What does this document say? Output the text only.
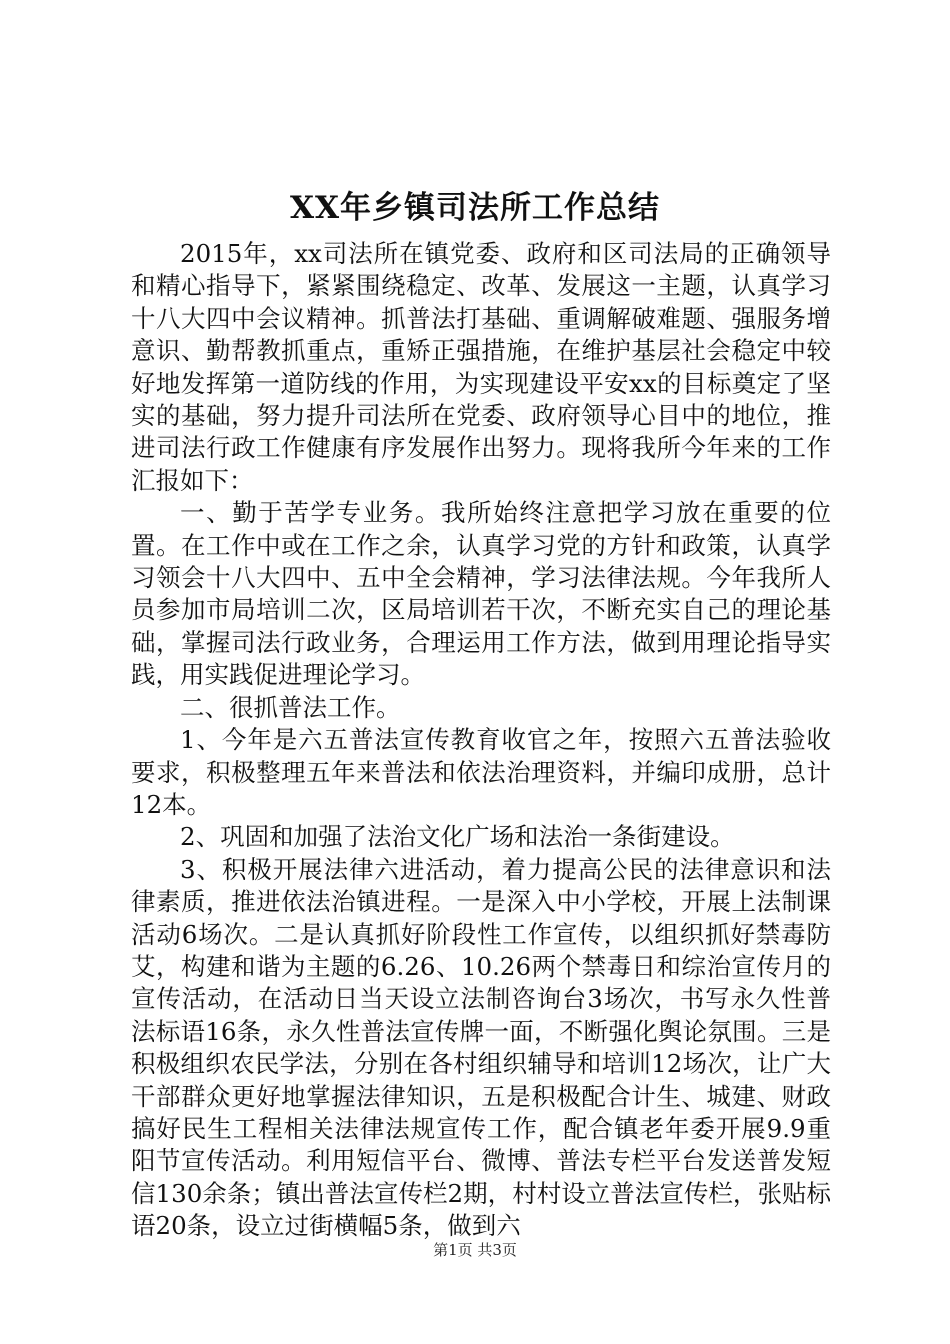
XX年乡镇司法所工作总结

2015年，xx司法所在镇党委、政府和区司法局的正确领导和精心指导下，紧紧围绕稳定、改革、发展这一主题，认真学习十八大四中会议精神。抓普法打基础、重调解破难题、强服务增意识、勤帮教抓重点，重矫正强措施，在维护基层社会稳定中较好地发挥第一道防线的作用，为实现建设平安xx的目标奠定了坚实的基础，努力提升司法所在党委、政府领导心目中的地位，推进司法行政工作健康有序发展作出努力。现将我所今年来的工作汇报如下：

一、勤于苦学专业务。我所始终注意把学习放在重要的位置。在工作中或在工作之余，认真学习党的方针和政策，认真学习领会十八大四中、五中全会精神，学习法律法规。今年我所人员参加市局培训二次，区局培训若干次，不断充实自己的理论基础，掌握司法行政业务，合理运用工作方法，做到用理论指导实践，用实践促进理论学习。

二、很抓普法工作。

1、今年是六五普法宣传教育收官之年，按照六五普法验收要求，积极整理五年来普法和依法治理资料，并编印成册，总计12本。

2、巩固和加强了法治文化广场和法治一条街建设。

3、积极开展法律六进活动，着力提高公民的法律意识和法律素质，推进依法治镇进程。一是深入中小学校，开展上法制课活动6场次。二是认真抓好阶段性工作宣传，以组织抓好禁毒防艾，构建和谐为主题的6.26、10.26两个禁毒日和综治宣传月的宣传活动，在活动日当天设立法制咨询台3场次，书写永久性普法标语16条，永久性普法宣传牌一面，不断强化舆论氛围。三是积极组织农民学法，分别在各村组织辅导和培训12场次，让广大干部群众更好地掌握法律知识，五是积极配合计生、城建、财政搞好民生工程相关法律法规宣传工作，配合镇老年委开展9.9重阳节宣传活动。利用短信平台、微博、普法专栏平台发送普发短信130余条；镇出普法宣传栏2期，村村设立普法宣传栏，张贴标语20条，设立过街横幅5条，做到六

第1页 共3页
